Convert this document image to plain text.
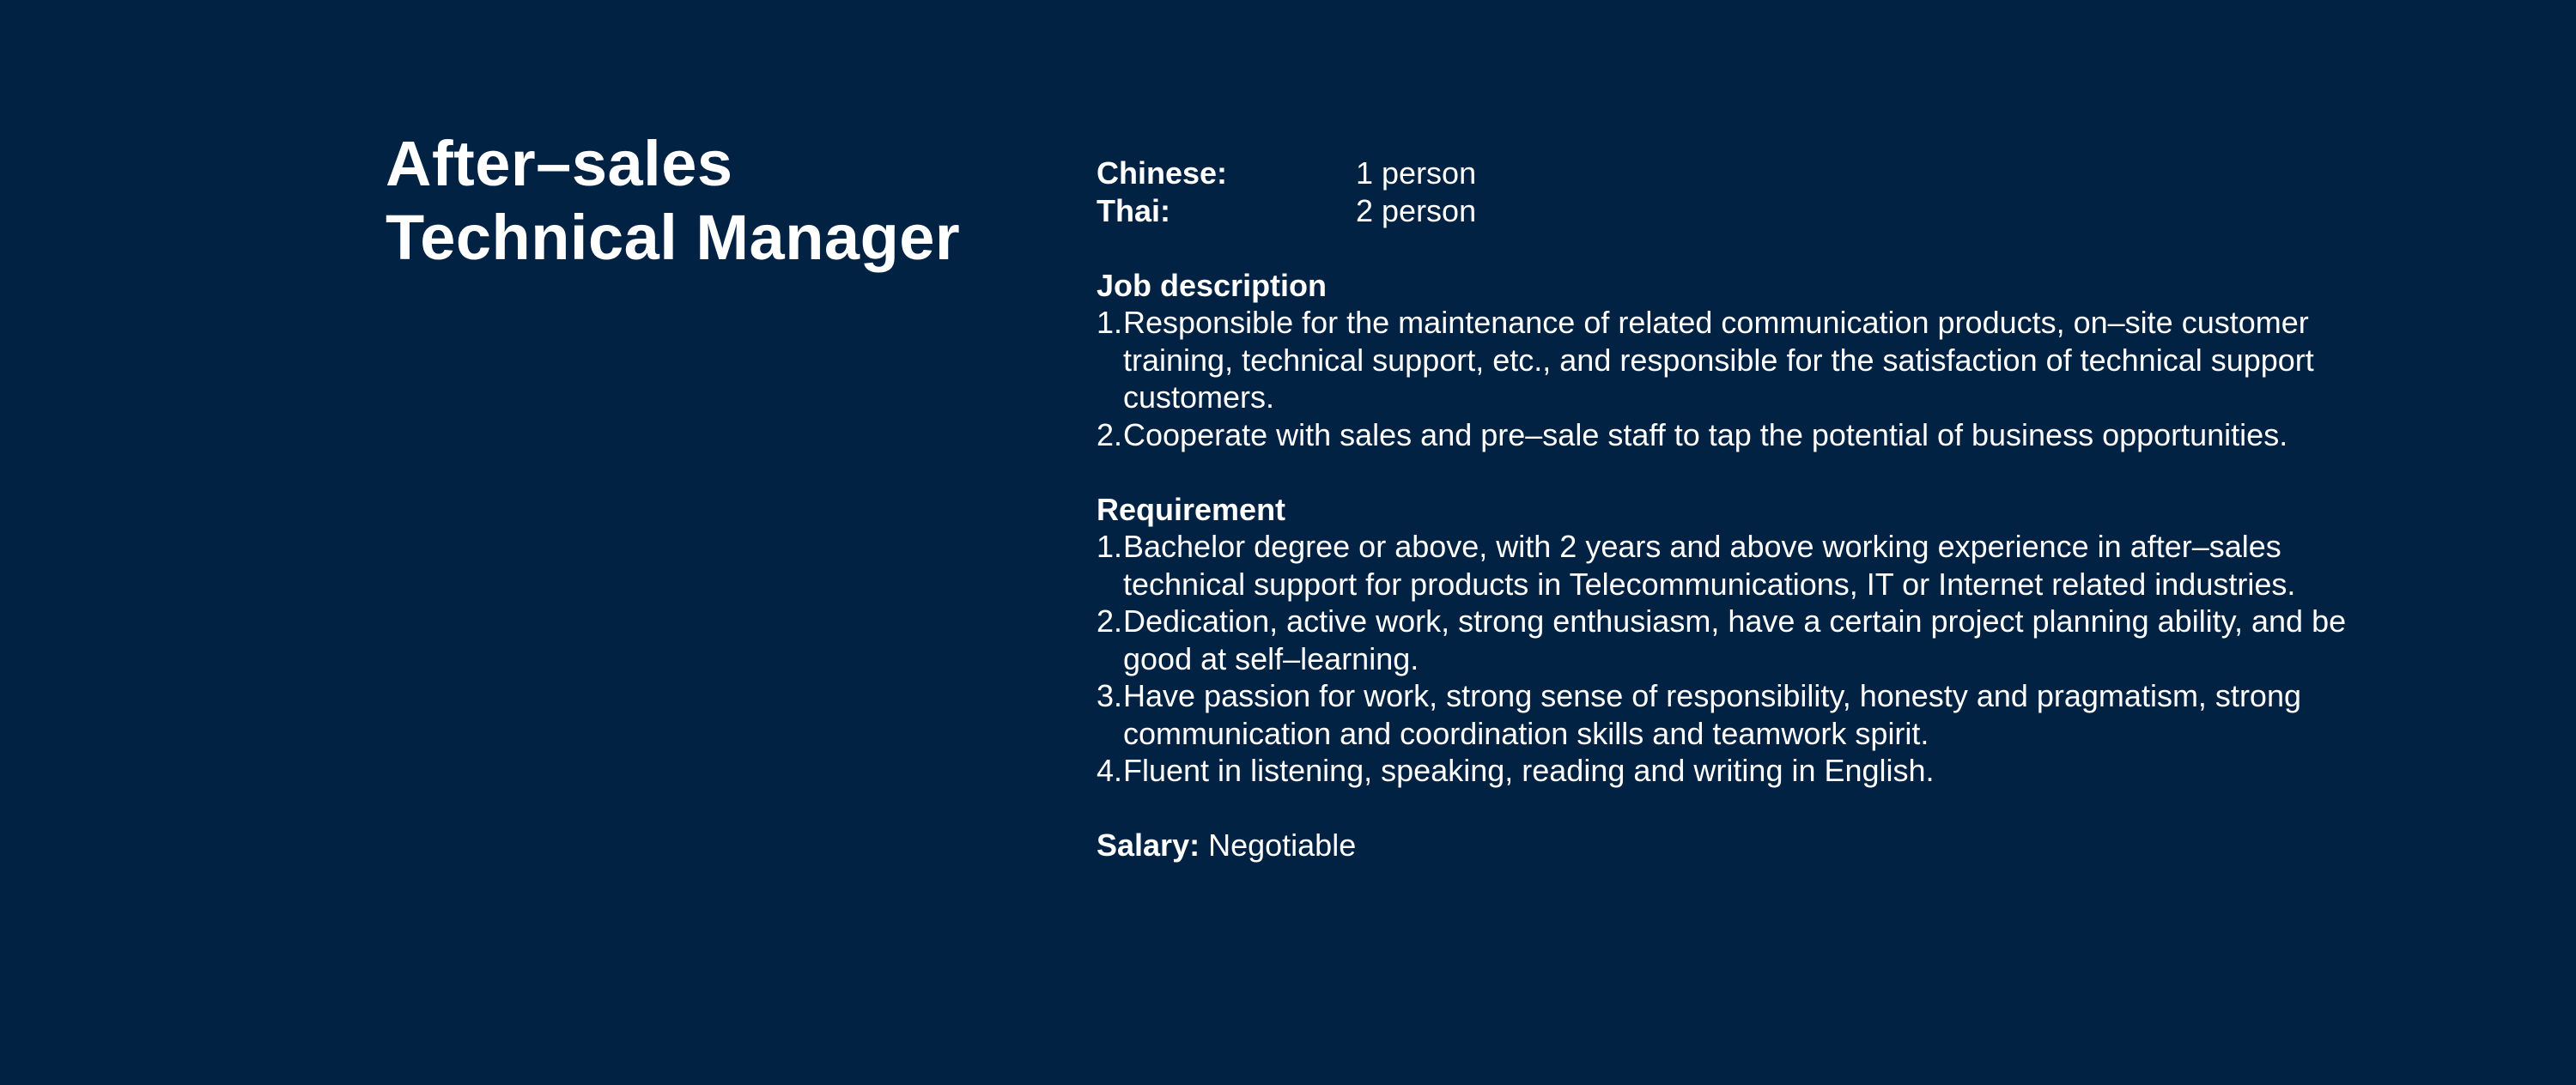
After–sales
Technical Manager
Chinese:	1 person
Thai:	2 person
Job description
1. Responsible for the maintenance of related communication products, on–site customer training, technical support, etc., and responsible for the satisfaction of technical support customers.
2. Cooperate with sales and pre–sale staff to tap the potential of business opportunities.
Requirement
1. Bachelor degree or above, with 2 years and above working experience in after–sales technical support for products in Telecommunications, IT or Internet related industries.
2. Dedication, active work, strong enthusiasm, have a certain project planning ability, and be good at self–learning.
3. Have passion for work, strong sense of responsibility, honesty and pragmatism, strong communication and coordination skills and teamwork spirit.
4. Fluent in listening, speaking, reading and writing in English.
Salary: Negotiable
